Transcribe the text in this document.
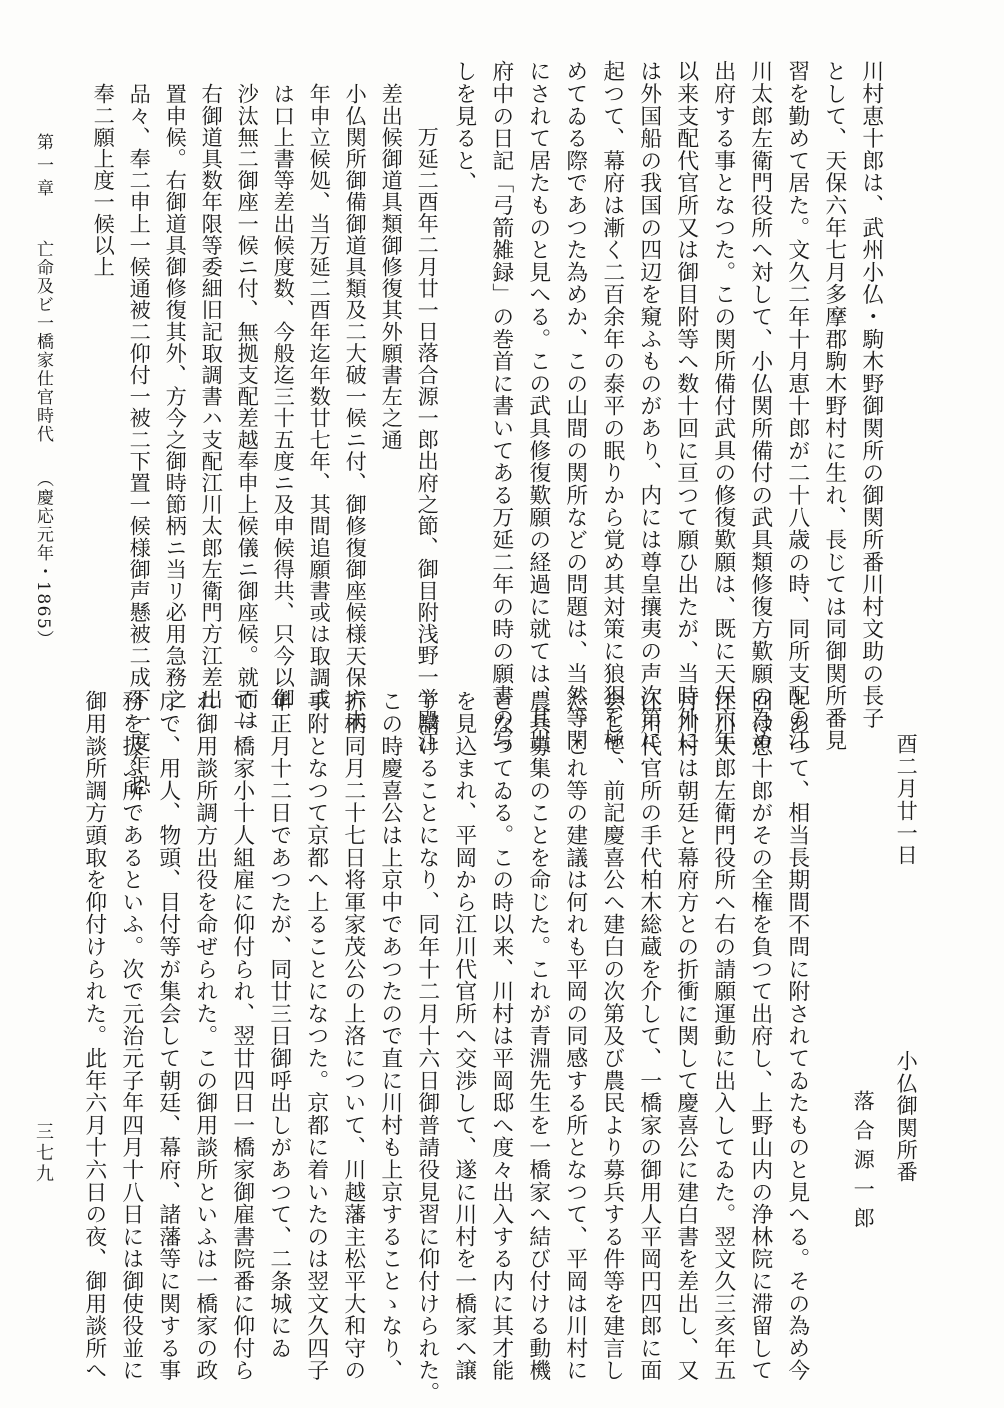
川村恵十郎は、武州小仏・駒木野御関所の御関所番川村文助の長子

として、天保六年七月多摩郡駒木野村に生れ、長じては同御関所番見

習を勤めて居た。文久二年十月恵十郎が二十八歳の時、同所支配の江

川太郎左衛門役所へ対して、小仏関所備付の武具類修復方歎願の為め

出府する事となつた。この関所備付武具の修復歎願は、既に天保六年

以来支配代官所又は御目附等へ数十回に亘つて願ひ出たが、当時外に

は外国船の我国の四辺を窺ふものがあり、内には尊皇攘夷の声次第に

起つて、幕府は漸く二百余年の泰平の眠りから覚め其対策に狼狽を極

めてゐる際であつた為めか、この山間の関所などの問題は、当然等閑

にされて居たものと見へる。この武具修復歎願の経過に就ては、其出

府中の日記「弓箭雑録」の巻首に書いてある万延二年の時の願書の写

しを見ると、

万延二酉年二月廿一日落合源一郎出府之節、御目附浅野一学殿江

差出候御道具類御修復其外願書左之通

小仏関所御備御道具類及二大破一候ニ付、御修復御座候様天保六未

年申立候処、当万延二酉年迄年数廿七年、其間追願書或は取調或

は口上書等差出候度数、今般迄三十五度ニ及申候得共、只今以御

沙汰無二御座一候ニ付、無拠支配差越奉申上候儀ニ御座候。就而は

右御道具数年限等委細旧記取調書ハ支配江川太郎左衛門方江差出

置申候。右御道具御修復其外、方今之御時節柄ニ当リ必用急務之

品々、奉二申上一候通被二仰付一被二下置一候様御声懸被二成下一度乍恐

奉二願上度一候以上

酉二月廿一日

小仏御関所番

落合源一郎

とあつて、相当長期間不問に附されてゐたものと見へる。その為め今

回は恵十郎がその全権を負つて出府し、上野山内の浄林院に滞留して

江川太郎左衛門役所へ右の請願運動に出入してゐた。翌文久三亥年五

月川村は朝廷と幕府方との折衝に関して慶喜公に建白書を差出し、又

江川代官所の手代柏木総蔵を介して、一橋家の御用人平岡円四郎に面

会して、前記慶喜公へ建白の次第及び農民より募兵する件等を建言し

た。これ等の建議は何れも平岡の同感する所となつて、平岡は川村に

農兵募集のことを命じた。これが青淵先生を一橋家へ結び付ける動機

となつてゐる。この時以来、川村は平岡邸へ度々出入する内に其才能

を見込まれ、平岡から江川代官所へ交渉して、遂に川村を一橋家へ譲

り請けることになり、同年十二月十六日御普請役見習に仰付けられた。

この時慶喜公は上京中であつたので直に川村も上京することゝなり、

折柄同月二十七日将軍家茂公の上洛について、川越藩主松平大和守の

手附となつて京都へ上ることになつた。京都に着いたのは翌文久四子

年正月十二日であつたが、同廿三日御呼出しがあつて、二条城にゐ

て一橋家小十人組雇に仰付られ、翌廿四日一橋家御雇書院番に仰付ら

れ御用談所調方出役を命ぜられた。この御用談所といふは一橋家の政

庁で、用人、物頭、目付等が集会して朝廷、幕府、諸藩等に関する事

務を扱ふ所であるといふ。次で元治元子年四月十八日には御使役並に

御用談所調方頭取を仰付けられた。此年六月十六日の夜、御用談所へ

第一章

亡命及ビ一橋家仕官時代

（慶応元年・1865）

三七九
